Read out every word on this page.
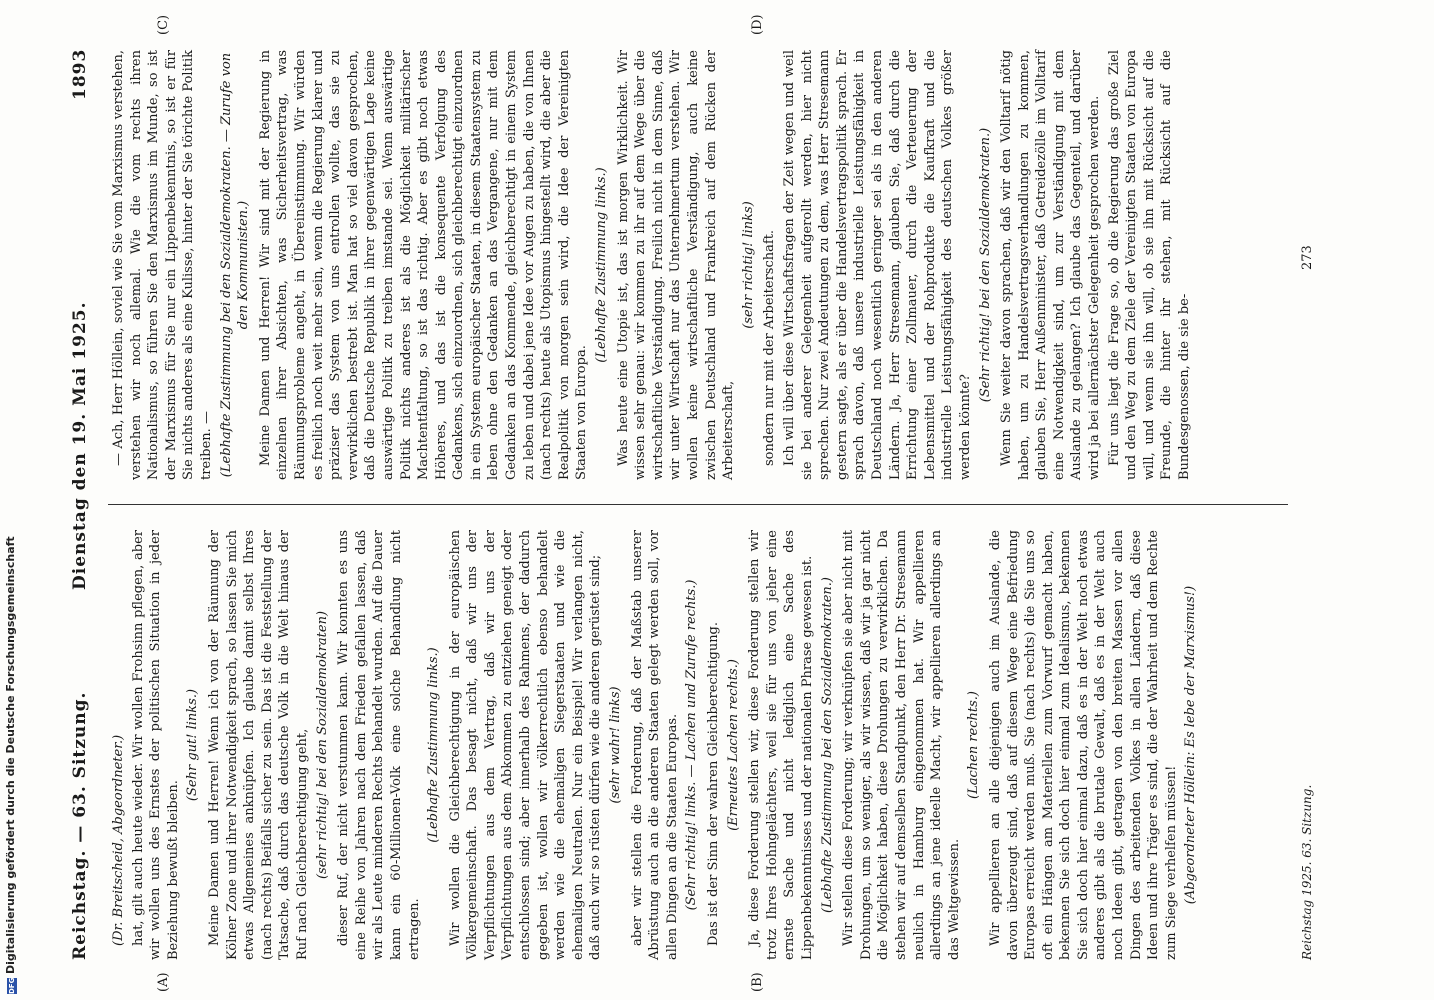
Reichstag. — 63. Sitzung.
Dienstag den 19. Mai 1925.
1893
(A)	(B)
(C)	(D)

(Dr. Breitscheid, Abgeordneter.) hat, gilt auch heute wieder. Wir wollen Frohsinn pflegen, aber wir wollen uns des Ernstes der politischen Situation in jeder Beziehung bewußt bleiben.

(Sehr gut! links.) Meine Damen und Herren! Wenn ich von der Räumung der Kölner Zone und ihrer Notwendigkeit sprach, so lassen Sie mich etwas Allgemeines anknüpfen. Ich glaube damit selbst Ihres (nach rechts) Beifalls sicher zu sein. Das ist die Feststellung der Tatsache, daß durch das deutsche Volk in die Welt hinaus der Ruf nach Gleichberechtigung geht, (sehr richtig! bei den Sozialdemokraten) dieser Ruf, der nicht verstummen kann. Wir konnten es uns eine Reihe von Jahren nach dem Frieden gefallen lassen, daß wir als Leute minderen Rechts behandelt wurden. Auf die Dauer kann ein 60-Millionen-Volk eine solche Behandlung nicht ertragen.

(Lebhafte Zustimmung links.) Wir wollen die Gleichberechtigung in der europäischen Völkergemeinschaft. Das besagt nicht, daß wir uns der Verpflichtungen aus dem Vertrag, daß wir uns der Verpflichtungen aus dem Abkommen zu entziehen geneigt oder entschlossen sind; aber innerhalb des Rahmens, der dadurch gegeben ist, wollen wir völkerrechtlich ebenso behandelt werden wie die ehemaligen Siegerstaaten und wie die ehemaligen Neutralen. Nur ein Beispiel! Wir verlangen nicht, daß auch wir so rüsten dürfen wie die anderen gerüstet sind; (sehr wahr! links) aber wir stellen die Forderung, daß der Maßstab unserer Abrüstung auch an die anderen Staaten gelegt werden soll, vor allen Dingen an die Staaten Europas. (Sehr richtig! links. — Lachen und Zurufe rechts.) Das ist der Sinn der wahren Gleichberechtigung. (Erneutes Lachen rechts.) Ja, diese Forderung stellen wir, diese Forderung stellen wir trotz Ihres Hohngelächters, weil sie für uns von jeher eine ernste Sache und nicht lediglich eine Sache des Lippenbekenntnisses und der nationalen Phrase gewesen ist. (Lebhafte Zustimmung bei den Sozialdemokraten.) Wir stellen diese Forderung; wir verknüpfen sie aber nicht mit Drohungen, um so weniger, als wir wissen, daß wir ja gar nicht die Möglichkeit haben, diese Drohungen zu verwirklichen. Da stehen wir auf demselben Standpunkt, den Herr Dr. Stresemann neulich in Hamburg eingenommen hat. Wir appellieren allerdings an jene ideelle Macht, wir appellieren allerdings an das Weltgewissen.

(Lachen rechts.) Wir appellieren an alle diejenigen auch im Auslande, die davon überzeugt sind, daß auf diesem Wege eine Befriedung Europas erreicht werden muß. Sie (nach rechts) die Sie uns so oft ein Hängen am Materiellen zum Vorwurf gemacht haben, bekennen Sie sich doch hier einmal zum Idealismus, bekennen Sie sich doch hier einmal dazu, daß es in der Welt noch etwas anderes gibt als die brutale Gewalt, daß es in der Welt auch noch Ideen gibt, getragen von den breiten Massen vor allen Dingen des arbeitenden Volkes in allen Ländern, daß diese Ideen und ihre Träger es sind, die der Wahrheit und dem Rechte zum Siege verhelfen müssen! (Abgeordneter Höllein: Es lebe der Marxismus!)

— Ach, Herr Höllein, soviel wie Sie vom Marxismus verstehen, verstehen wir noch allemal. Wie die vom rechts ihren Nationalismus, so führen Sie den Marxismus im Munde, so ist der Marxismus für Sie nur ein Lippenbekenntnis, so ist er für Sie nichts anderes als eine Kulisse, hinter der Sie törichte Politik treiben. — (Lebhafte Zustimmung bei den Sozialdemokraten. — Zurufe von den Kommunisten.) Meine Damen und Herren! Wir sind mit der Regierung in einzelnen ihrer Absichten, was Sicherheitsvertrag, was Räumungsprobleme angeht, in Übereinstimmung. Wir würden es freilich noch weit mehr sein, wenn die Regierung klarer und präziser das System von uns entrollen wollte, das sie zu verwirklichen bestrebt ist. Man hat so viel davon gesprochen, daß die Deutsche Republik in ihrer gegenwärtigen Lage keine auswärtige Politik zu treiben imstande sei. Wenn auswärtige Politik nichts anderes ist als die Möglichkeit militärischer Machtentfaltung, so ist das richtig. Aber es gibt noch etwas Höheres, und das ist die konsequente Verfolgung des Gedankens, sich einzuordnen, sich gleichberechtigt einzuordnen in ein System europäischer Staaten, in diesem Staatensystem zu leben ohne den Gedanken an das Vergangene, nur mit dem Gedanken an das Kommende, gleichberechtigt in einem System zu leben und dabei jene Idee vor Augen zu haben, die von Ihnen (nach rechts) heute als Utopismus hingestellt wird, die aber die Realpolitik von morgen sein wird, die Idee der Vereinigten Staaten von Europa.

(Lebhafte Zustimmung links.) Was heute eine Utopie ist, das ist morgen Wirklichkeit. Wir wissen sehr genau: wir kommen zu ihr auf dem Wege über die wirtschaftliche Verständigung. Freilich nicht in dem Sinne, daß wir unter Wirtschaft nur das Unternehmertum verstehen. Wir wollen keine wirtschaftliche Verständigung, auch keine zwischen Deutschland und Frankreich auf dem Rücken der Arbeiterschaft,

(sehr richtig! links) sondern nur mit der Arbeiterschaft. Ich will über diese Wirtschaftsfragen der Zeit wegen und weil sie bei anderer Gelegenheit aufgerollt werden, hier nicht sprechen. Nur zwei Andeutungen zu dem, was Herr Stresemann gestern sagte, als er über die Handelsvertragspolitik sprach. Er sprach davon, daß unsere industrielle Leistungsfähigkeit in Deutschland noch wesentlich geringer sei als in den anderen Ländern. Ja, Herr Stresemann, glauben Sie, daß durch die Errichtung einer Zollmauer, durch die Verteuerung der Lebensmittel und der Rohprodukte die Kaufkraft und die industrielle Leistungsfähigkeit des deutschen Volkes größer werden könnte?

(Sehr richtig! bei den Sozialdemokraten.) Wenn Sie weiter davon sprachen, daß wir den Volltarif nötig haben, um zu Handelsvertragsverhandlungen zu kommen, glauben Sie, Herr Außenminister, daß Getreidezölle im Volltarif eine Notwendigkeit sind, um zur Verständigung mit dem Auslande zu gelangen? Ich glaube das Gegenteil, und darüber wird ja bei allernächster Gelegenheit gesprochen werden. Für uns liegt die Frage so, ob die Regierung das große Ziel und den Weg zu dem Ziele der Vereinigten Staaten von Europa will, und wenn sie ihn will, ob sie ihn mit Rücksicht auf die Freunde, die hinter ihr stehen, mit Rücksicht auf die Bundesgenossen, die sie be-

Reichstag 1925. 63. Sitzung.
273
DFGDigitalisierung gefördert durch die Deutsche Forschungsgemeinschaft
